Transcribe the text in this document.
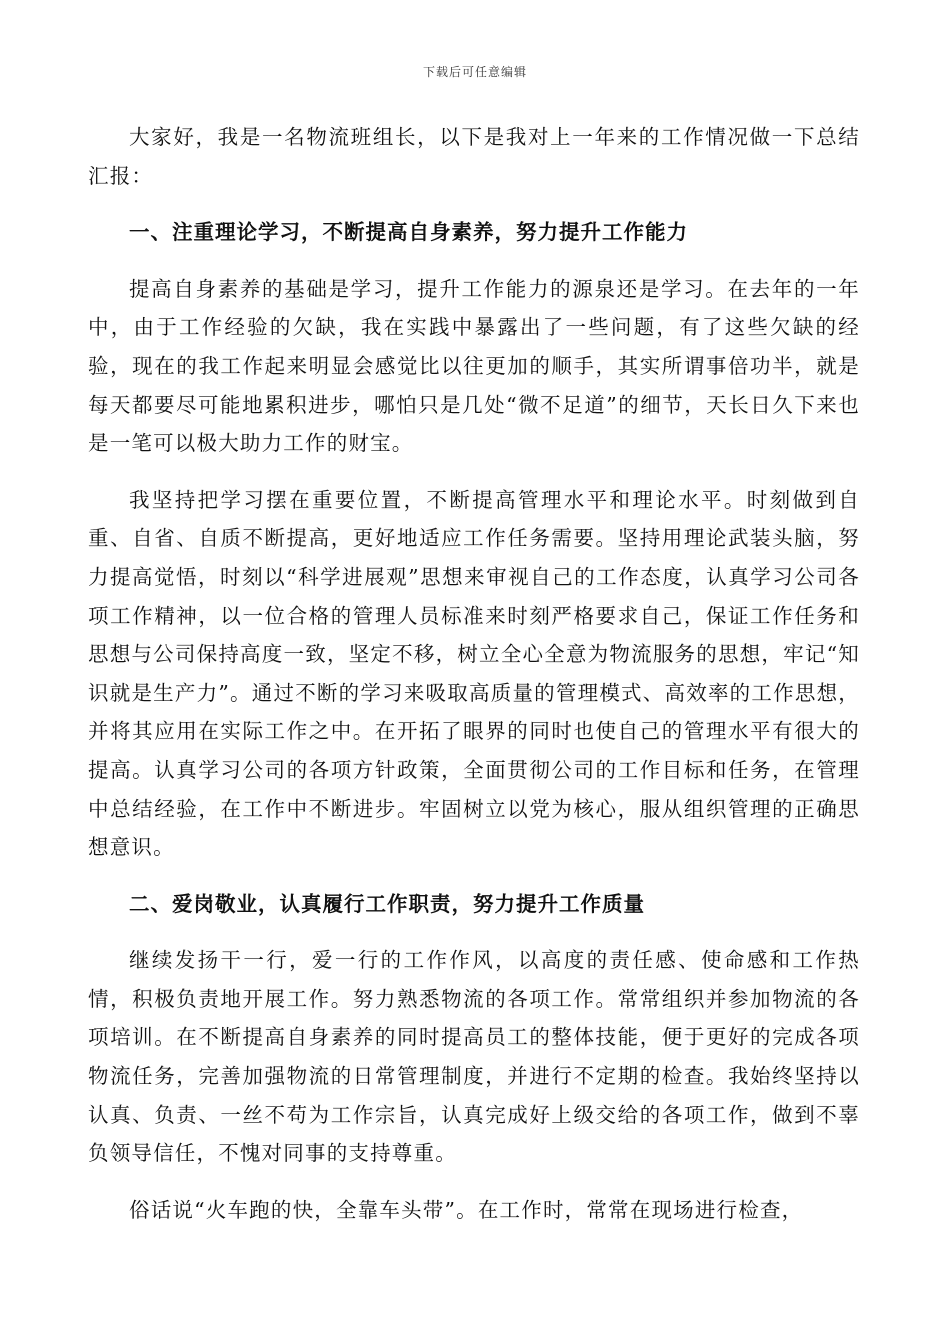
下载后可任意编辑

大家好，我是一名物流班组长，以下是我对上一年来的工作情况做一下总结汇报：

一、注重理论学习，不断提高自身素养，努力提升工作能力

提高自身素养的基础是学习，提升工作能力的源泉还是学习。在去年的一年中，由于工作经验的欠缺，我在实践中暴露出了一些问题，有了这些欠缺的经验，现在的我工作起来明显会感觉比以往更加的顺手，其实所谓事倍功半，就是每天都要尽可能地累积进步，哪怕只是几处“微不足道”的细节，天长日久下来也是一笔可以极大助力工作的财宝。

我坚持把学习摆在重要位置，不断提高管理水平和理论水平。时刻做到自重、自省、自质不断提高，更好地适应工作任务需要。坚持用理论武装头脑，努力提高觉悟，时刻以“科学进展观”思想来审视自己的工作态度，认真学习公司各项工作精神，以一位合格的管理人员标准来时刻严格要求自己，保证工作任务和思想与公司保持高度一致，坚定不移，树立全心全意为物流服务的思想，牢记“知识就是生产力”。通过不断的学习来吸取高质量的管理模式、高效率的工作思想，并将其应用在实际工作之中。在开拓了眼界的同时也使自己的管理水平有很大的提高。认真学习公司的各项方针政策，全面贯彻公司的工作目标和任务，在管理中总结经验，在工作中不断进步。牢固树立以党为核心，服从组织管理的正确思想意识。

二、爱岗敬业，认真履行工作职责，努力提升工作质量

继续发扬干一行，爱一行的工作作风，以高度的责任感、使命感和工作热情，积极负责地开展工作。努力熟悉物流的各项工作。常常组织并参加物流的各项培训。在不断提高自身素养的同时提高员工的整体技能，便于更好的完成各项物流任务，完善加强物流的日常管理制度，并进行不定期的检查。我始终坚持以认真、负责、一丝不苟为工作宗旨，认真完成好上级交给的各项工作，做到不辜负领导信任，不愧对同事的支持尊重。

俗话说“火车跑的快，全靠车头带”。在工作时，常常在现场进行检查，
